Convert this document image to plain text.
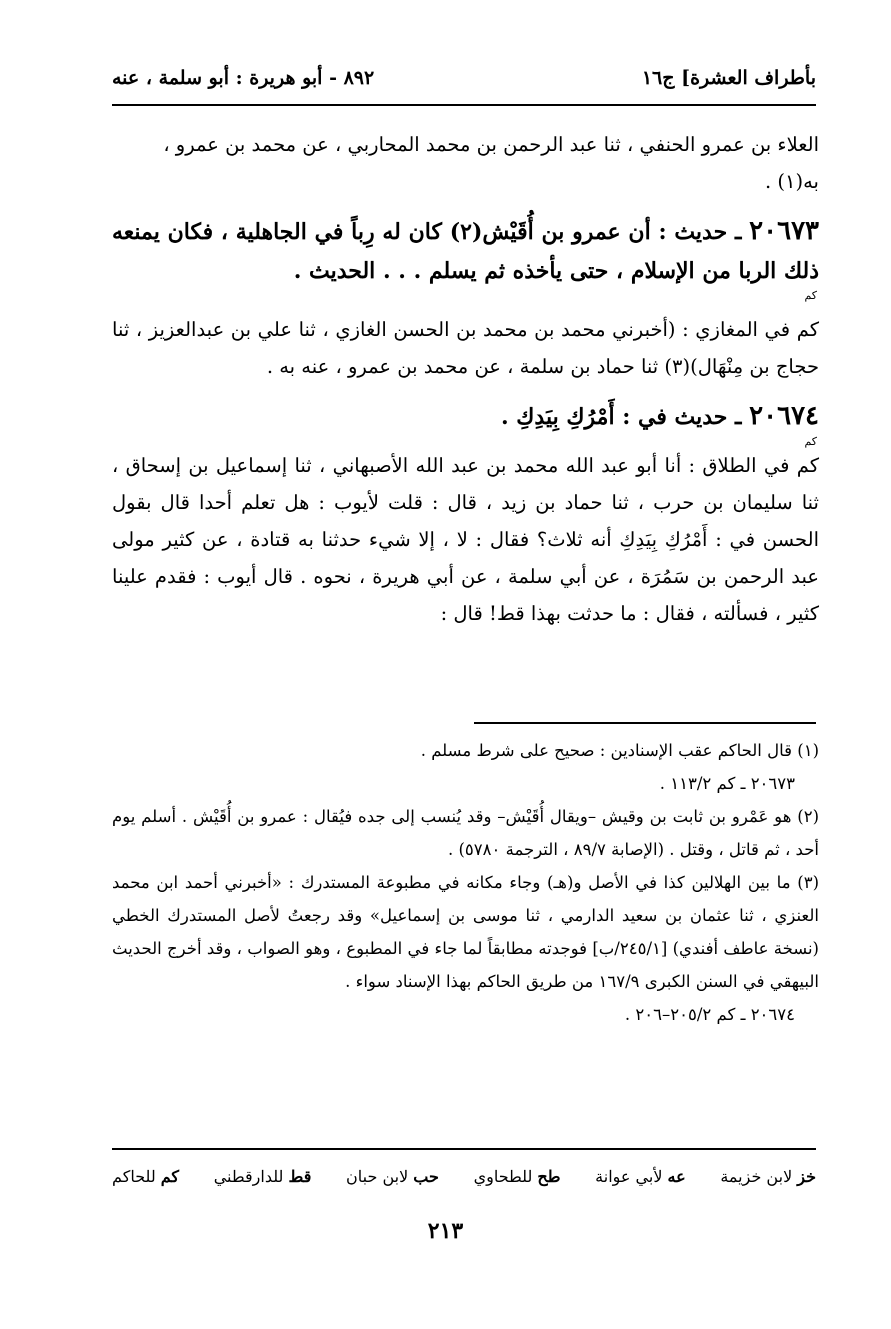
بأطراف العشرة] ج١٦
٨٩٢ - أبو هريرة : أبو سلمة ، عنه

العلاء بن عمرو الحنفي ، ثنا عبد الرحمن بن محمد المحاربي ، عن محمد بن عمرو ،

به(١) .

٢٠٦٧٣ ـ حديث : أن عمرو بن أُقَيْش(٢) كان له رِباً في الجاهلية ، فكان يمنعه ذلك الربا من الإسلام ، حتى يأخذه ثم يسلم . . . الحديث .

كم

كم في المغازي : (أخبرني محمد بن محمد بن الحسن الغازي ، ثنا علي بن عبدالعزيز ، ثنا حجاج بن مِنْهَال)(٣) ثنا حماد بن سلمة ، عن محمد بن عمرو ، عنه به .

٢٠٦٧٤ ـ حديث في : أَمْرُكِ بِيَدِكِ .

كم

كم في الطلاق : أنا أبو عبد الله محمد بن عبد الله الأصبهاني ، ثنا إسماعيل بن إسحاق ، ثنا سليمان بن حرب ، ثنا حماد بن زيد ، قال : قلت لأيوب : هل تعلم أحدا قال بقول الحسن في : أَمْرُكِ بِيَدِكِ أنه ثلاث؟ فقال : لا ، إلا شيء حدثنا به قتادة ، عن كثير مولى عبد الرحمن بن سَمُرَة ، عن أبي سلمة ، عن أبي هريرة ، نحوه . قال أيوب : فقدم علينا كثير ، فسألته ، فقال : ما حدثت بهذا قط! قال :

(١) قال الحاكم عقب الإسنادين : صحيح على شرط مسلم .

٢٠٦٧٣ ـ كم ١١٣/٢ .

(٢) هو عَمْرو بن ثابت بن وقيش –ويقال أُقَيْش– وقد يُنسب إلى جده فيُقال : عمرو بن أُقَيْش . أسلم يوم أحد ، ثم قاتل ، وقتل . (الإصابة ٨٩/٧ ، الترجمة ٥٧٨٠) .

(٣) ما بين الهلالين كذا في الأصل و(هـ) وجاء مكانه في مطبوعة المستدرك : «أخبرني أحمد ابن محمد العنزي ، ثنا عثمان بن سعيد الدارمي ، ثنا موسى بن إسماعيل» وقد رجعتُ لأصل المستدرك الخطي (نسخة عاطف أفندي) [٢٤٥/١/ب] فوجدته مطابقاً لما جاء في المطبوع ، وهو الصواب ، وقد أخرج الحديث البيهقي في السنن الكبرى ١٦٧/٩ من طريق الحاكم بهذا الإسناد سواء .

٢٠٦٧٤ ـ كم ٢٠٥/٢–٢٠٦ .

خز لابن خزيمة
عه لأبي عوانة
طح للطحاوي
حب لابن حبان
قط للدارقطني
كم للحاكم
٢١٣
